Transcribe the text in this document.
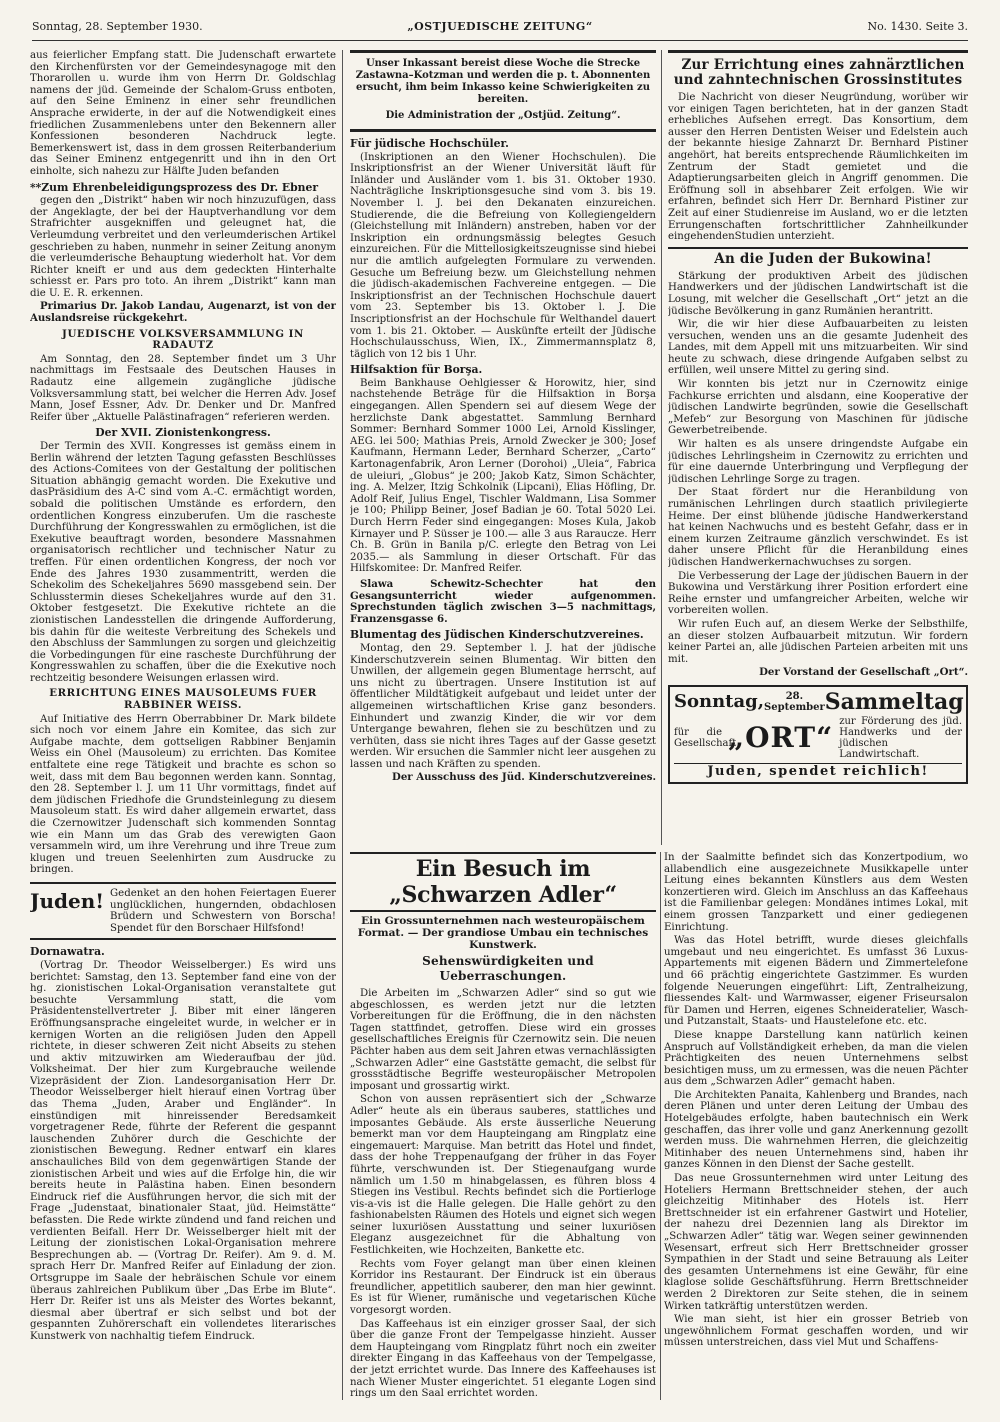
Sonntag, 28. September 1930.	„OSTJUEDISCHE ZEITUNG“	No. 1430. Seite 3.

aus feierlicher Empfang statt. Die Judenschaft erwartete den Kirchenfürsten vor der Gemeindesynagoge mit den Thorarollen u. wurde ihm von Herrn Dr. Goldschlag namens der jüd. Gemeinde der Schalom-Gruss entboten, auf den Seine Eminenz in einer sehr freundlichen Ansprache erwiderte, in der auf die Notwendigkeit eines friedlichen Zusammenlebens unter den Bekennern aller Konfessionen besonderen Nachdruck legte. Bemerkenswert ist, dass in dem grossen Reiterbanderium das Seiner Eminenz entgegenritt und ihn in den Ort einholte, sich nahezu zur Hälfte Juden befanden

**Zum Ehrenbeleidigungsprozess des Dr. Ebner

gegen den „Distrikt“ haben wir noch hinzuzufügen, dass der Angeklagte, der bei der Hauptverhandlung vor dem Strafrichter ausgekniffen und geleugnet hat, die Verleumdung verbreitet und den verleumderischen Artikel geschrieben zu haben, nunmehr in seiner Zeitung anonym die verleumderische Behauptung wiederholt hat. Vor dem Richter kneift er und aus dem gedeckten Hinterhalte schiesst er. Pars pro toto. An ihrem „Distrikt“ kann man die U. E. R. erkennen.

Primarius Dr. Jakob Landau, Augenarzt, ist von der Auslandsreise rückgekehrt.

JUEDISCHE VOLKSVERSAMMLUNG IN RADAUTZ

Am Sonntag, den 28. September findet um 3 Uhr nachmittags im Festsaale des Deutschen Hauses in Radautz eine allgemein zugängliche jüdische Volksversammlung statt, bei welcher die Herren Adv. Josef Mann, Josef Essner, Adv. Dr. Denker und Dr. Manfred Reifer über „Aktuelle Palästinafragen“ referieren werden.

Der XVII. Zionistenkongress.

Der Termin des XVII. Kongresses ist gemäss einem in Berlin während der letzten Tagung gefassten Beschlüsses des Actions-Comitees von der Gestaltung der politischen Situation abhängig gemacht worden. Die Exekutive und dasPräsidium des A-C sind vom A.-C. ermächtigt worden, sobald die politischen Umstände es erfordern, den ordentlichen Kongress einzuberufen. Um die rascheste Durchführung der Kongresswahlen zu ermöglichen, ist die Exekutive beauftragt worden, besondere Massnahmen organisatorisch rechtlicher und technischer Natur zu treffen. Für einen ordentlichen Kongress, der noch vor Ende des Jahres 1930 zusammentritt, werden die Schekolim des Schekeljahres 5690 massgebend sein. Der Schlusstermin dieses Schekeljahres wurde auf den 31. Oktober festgesetzt. Die Exekutive richtete an die zionistischen Landesstellen die dringende Aufforderung, bis dahin für die weiteste Verbreitung des Schekels und den Abschluss der Sammlungen zu sorgen und gleichzeitig die Vorbedingungen für eine rascheste Durchführung der Kongresswahlen zu schaffen, über die die Exekutive noch rechtzeitig besondere Weisungen erlassen wird.

ERRICHTUNG EINES MAUSOLEUMS FUER RABBINER WEISS.

Auf Initiative des Herrn Oberrabbiner Dr. Mark bildete sich noch vor einem Jahre ein Komitee, das sich zur Aufgabe machte, dem gottseligen Rabbiner Benjamin Weiss ein Ohel (Mausoleum) zu errichten. Das Komitee entfaltete eine rege Tätigkeit und brachte es schon so weit, dass mit dem Bau begonnen werden kann. Sonntag, den 28. September l. J. um 11 Uhr vormittags, findet auf dem jüdischen Friedhofe die Grundsteinlegung zu diesem Mausoleum statt. Es wird daher allgemein erwartet, dass die Czernowitzer Judenschaft sich kommenden Sonntag wie ein Mann um das Grab des verewigten Gaon versammeln wird, um ihre Verehrung und ihre Treue zum klugen und treuen Seelenhirten zum Ausdrucke zu bringen.

Juden! Gedenket an den hohen Feiertagen Euerer unglücklichen, hungernden, obdachlosen Brüdern und Schwestern von Borscha! Spendet für den Borschaer Hilfsfond!

Dornawatra.

(Vortrag Dr. Theodor Weisselberger.) Es wird uns berichtet: Samstag, den 13. September fand eine von der hg. zionistischen Lokal-Organisation veranstaltete gut besuchte Versammlung statt, die vom Präsidentenstellvertreter J. Biber mit einer längeren Eröffnungsansprache eingeleitet wurde, in welcher er in kernigen Worten an die religiösen Juden den Appell richtete, in dieser schweren Zeit nicht Abseits zu stehen und aktiv mitzuwirken am Wiederaufbau der jüd. Volksheimat. Der hier zum Kurgebrauche weilende Vizepräsident der Zion. Landesorganisation Herr Dr. Theodor Weisselberger hielt hierauf einen Vortrag über das Thema „Juden, Araber und Engländer“. In einstündigen mit hinreissender Beredsamkeit vorgetragener Rede, führte der Referent die gespannt lauschenden Zuhörer durch die Geschichte der zionistischen Bewegung. Redner entwarf ein klares anschauliches Bild von dem gegenwärtigen Stande der zionistischen Arbeit und wies auf die Erfolge hin, die wir bereits heute in Palästina haben. Einen besondern Eindruck rief die Ausführungen hervor, die sich mit der Frage „Judenstaat, binationaler Staat, jüd. Heimstätte“ befassten. Die Rede wirkte zündend und fand reichen und verdienten Beifall. Herr Dr. Weisselberger hielt mit der Leitung der zionistischen Lokal-Organisation mehrere Besprechungen ab. — (Vortrag Dr. Reifer). Am 9. d. M. sprach Herr Dr. Manfred Reifer auf Einladung der zion. Ortsgruppe im Saale der hebräischen Schule vor einem überaus zahlreichen Publikum über „Das Erbe im Blute“. Herr Dr. Reifer ist uns als Meister des Wortes bekannt, diesmal aber übertraf er sich selbst und bot der gespannten Zuhörerschaft ein vollendetes literarisches Kunstwerk von nachhaltig tiefem Eindruck.

Unser Inkassant bereist diese Woche die Strecke Zastawna–Kotzman und werden die p. t. Abonnenten ersucht, ihm beim Inkasso keine Schwierigkeiten zu bereiten.

Die Administration der „Ostjüd. Zeitung“.

Für jüdische Hochschüler.

(Inskriptionen an den Wiener Hochschulen). Die Inskriptionsfrist an der Wiener Universität läuft für Inländer und Ausländer vom 1. bis 31. Oktober 1930. Nachträgliche Inskriptionsgesuche sind vom 3. bis 19. November l. J. bei den Dekanaten einzureichen. Studierende, die die Befreiung von Kollegiengeldern (Gleichstellung mit Inländern) anstreben, haben vor der Inskription ein ordnungsmässig belegtes Gesuch einzureichen. Für die Mittellosigkeitszeugnisse sind hiebei nur die amtlich aufgelegten Formulare zu verwenden. Gesuche um Befreiung bezw. um Gleichstellung nehmen die jüdisch-akademischen Fachvereine entgegen. — Die Inskriptionsfrist an der Technischen Hochschule dauert vom 23. September bis 13. Oktober l. J. Die Inscriptionsfrist an der Hochschule für Welthandel dauert vom 1. bis 21. Oktober. — Auskünfte erteilt der Jüdische Hochschulausschuss, Wien, IX., Zimmermannsplatz 8, täglich von 12 bis 1 Uhr.

Hilfsaktion für Borşa.

Beim Bankhause Oehlgiesser & Horowitz, hier, sind nachstehende Beträge für die Hilfsaktion in Borşa eingegangen. Allen Spendern sei auf diesem Wege der herzlichste Dank abgestattet. Sammlung Bernhard Sommer: Bernhard Sommer 1000 Lei, Arnold Kisslinger, AEG. lei 500; Mathias Preis, Arnold Zwecker je 300; Josef Kaufmann, Hermann Leder, Bernhard Scherzer, „Carto“ Kartonagenfabrik, Aron Lerner (Dorohoi) „Uleia“, Fabrica de uleiuri, „Globus“ je 200; Jakob Katz, Simon Schächter, ing. A. Melzer, Itzig Schkolnik (Lipcani), Elias Höfling, Dr. Adolf Reif, Julius Engel, Tischler Waldmann, Lisa Sommer je 100; Philipp Beiner, Josef Badian je 60. Total 5020 Lei. Durch Herrn Feder sind eingegangen: Moses Kula, Jakob Kirnayer und P. Süsser je 100.— alle 3 aus Raraucze. Herr Ch. B. Grün in Banila p/C. erlegte den Betrag von Lei 2035.— als Sammlung in dieser Ortschaft. Für das Hilfskomitee: Dr. Manfred Reifer.

Slawa Schewitz-Schechter hat den Gesangsunterricht wieder aufgenommen. Sprechstunden täglich zwischen 3—5 nachmittags, Franzensgasse 6.

Blumentag des Jüdischen Kinderschutzvereines.

Montag, den 29. September l. J. hat der jüdische Kinderschutzverein seinen Blumentag. Wir bitten den Unwillen, der allgemein gegen Blumentage herrscht, auf uns nicht zu übertragen. Unsere Institution ist auf öffentlicher Mildtätigkeit aufgebaut und leidet unter der allgemeinen wirtschaftlichen Krise ganz besonders. Einhundert und zwanzig Kinder, die wir vor dem Untergange bewahren, flehen sie zu beschützen und zu verhüten, dass sie nicht ihres Tages auf der Gasse gesetzt werden. Wir ersuchen die Sammler nicht leer ausgehen zu lassen und nach Kräften zu spenden.

Der Ausschuss des Jüd. Kinderschutzvereines.

Zur Errichtung eines zahnärztlichen und zahntechnischen Grossinstitutes

Die Nachricht von dieser Neugründung, worüber wir vor einigen Tagen berichteten, hat in der ganzen Stadt erhebliches Aufsehen erregt. Das Konsortium, dem ausser den Herren Dentisten Weiser und Edelstein auch der bekannte hiesige Zahnarzt Dr. Bernhard Pistiner angehört, hat bereits entsprechende Räumlichkeiten im Zentrum der Stadt gemietet und die Adaptierungsarbeiten gleich in Angriff genommen. Die Eröffnung soll in absehbarer Zeit erfolgen. Wie wir erfahren, befindet sich Herr Dr. Bernhard Pistiner zur Zeit auf einer Studienreise im Ausland, wo er die letzten Errungenschaften fortschrittlicher Zahnheilkunder eingehendenStudien unterzieht.

An die Juden der Bukowina!

Stärkung der produktiven Arbeit des jüdischen Handwerkers und der jüdischen Landwirtschaft ist die Losung, mit welcher die Gesellschaft „Ort“ jetzt an die jüdische Bevölkerung in ganz Rumänien herantritt.

Wir, die wir hier diese Aufbauarbeiten zu leisten versuchen, wenden uns an die gesamte Judenheit des Landes, mit dem Appell mit uns mitzuarbeiten. Wir sind heute zu schwach, diese dringende Aufgaben selbst zu erfüllen, weil unsere Mittel zu gering sind.

Wir konnten bis jetzt nur in Czernowitz einige Fachkurse errichten und alsdann, eine Kooperative der jüdischen Landwirte begründen, sowie die Gesellschaft „Mefeb“ zur Besorgung von Maschinen für jüdische Gewerbetreibende.

Wir halten es als unsere dringendste Aufgabe ein jüdisches Lehrlingsheim in Czernowitz zu errichten und für eine dauernde Unterbringung und Verpflegung der jüdischen Lehrlinge Sorge zu tragen.

Der Staat fördert nur die Heranbildung von rumänischen Lehrlingen durch staatlich privilegierte Heime. Der einst blühende jüdische Handwerkerstand hat keinen Nachwuchs und es besteht Gefahr, dass er in einem kurzen Zeitraume gänzlich verschwindet. Es ist daher unsere Pflicht für die Heranbildung eines jüdischen Handwerkernachwuchses zu sorgen.

Die Verbesserung der Lage der jüdischen Bauern in der Bukowina und Verstärkung ihrer Position erfordert eine Reihe ernster und umfangreicher Arbeiten, welche wir vorbereiten wollen.

Wir rufen Euch auf, an diesem Werke der Selbsthilfe, an dieser stolzen Aufbauarbeit mitzutun. Wir fordern keiner Partei an, alle jüdischen Parteien arbeiten mit uns mit.

Der Vorstand der Gesellschaft „Ort“.

Sonntag,	28. September Sammeltag
für die Gesellschaft
„ORT“ zur Förderung des jüd. Handwerks und der jüdischen Landwirtschaft.
Juden, spendet reichlich!
Ein Besuch im „Schwarzen Adler“

Ein Grossunternehmen nach westeuropäischem Format. — Der grandiose Umbau ein technisches Kunstwerk.

Sehenswürdigkeiten und Ueberraschungen.

Die Arbeiten im „Schwarzen Adler“ sind so gut wie abgeschlossen, es werden jetzt nur die letzten Vorbereitungen für die Eröffnung, die in den nächsten Tagen stattfindet, getroffen. Diese wird ein grosses gesellschaftliches Ereignis für Czernowitz sein. Die neuen Pächter haben aus dem seit Jahren etwas vernachlässigten „Schwarzen Adler“ eine Gaststätte gemacht, die selbst für grossstädtische Begriffe westeuropäischer Metropolen imposant und grossartig wirkt.

Schon von aussen repräsentiert sich der „Schwarze Adler“ heute als ein überaus sauberes, stattliches und imposantes Gebäude. Als erste äusserliche Neuerung bemerkt man vor dem Haupteingang am Ringplatz eine eingemauert: Marquise. Man betritt das Hotel und findet, dass der hohe Treppenaufgang der früher in das Foyer führte, verschwunden ist. Der Stiegenaufgang wurde nämlich um 1.50 m hinabgelassen, es führen bloss 4 Stiegen ins Vestibul. Rechts befindet sich die Portierloge vis-a-vis ist die Halle gelegen. Die Halle gehört zu den fashionabelsten Räumen des Hotels und eignet sich wegen seiner luxuriösen Ausstattung und seiner luxuriösen Eleganz ausgezeichnet für die Abhaltung von Festlichkeiten, wie Hochzeiten, Bankette etc.

Rechts vom Foyer gelangt man über einen kleinen Korridor ins Restaurant. Der Eindruck ist ein überaus freundlicher, appetitlich sauberer, den man hier gewinnt. Es ist für Wiener, rumänische und vegetarischen Küche vorgesorgt worden.

Das Kaffeehaus ist ein einziger grosser Saal, der sich über die ganze Front der Tempelgasse hinzieht. Ausser dem Haupteingang vom Ringplatz führt noch ein zweiter direkter Eingang in das Kaffeehaus von der Tempelgasse, der jetzt errichtet wurde. Das Innere des Kaffeehauses ist nach Wiener Muster eingerichtet. 51 elegante Logen sind rings um den Saal errichtet worden.

In der Saalmitte befindet sich das Konzertpodium, wo allabendlich eine ausgezeichnete Musikkapelle unter Leitung eines bekannten Künstlers aus dem Westen konzertieren wird. Gleich im Anschluss an das Kaffeehaus ist die Familienbar gelegen: Mondänes intimes Lokal, mit einem grossen Tanzparkett und einer gediegenen Einrichtung.

Was das Hotel betrifft, wurde dieses gleichfalls umgebaut und neu eingerichtet. Es umfasst 36 Luxus-Appartements mit eigenen Bädern und Zimmertelefone und 66 prächtig eingerichtete Gastzimmer. Es wurden folgende Neuerungen eingeführt: Lift, Zentralheizung, fliessendes Kalt- und Warmwasser, eigener Friseursalon für Damen und Herren, eigenes Schneideratelier, Wasch- und Putzanstalt, Staats- und Haustelefone etc. etc.

Diese knappe Darstellung kann natürlich keinen Anspruch auf Vollständigkeit erheben, da man die vielen Prächtigkeiten des neuen Unternehmens selbst besichtigen muss, um zu ermessen, was die neuen Pächter aus dem „Schwarzen Adler“ gemacht haben.

Die Architekten Panaita, Kahlenberg und Brandes, nach deren Plänen und unter deren Leitung der Umbau des Hotelgebäudes erfolgte, haben bautechnisch ein Werk geschaffen, das ihrer volle und ganz Anerkennung gezollt werden muss. Die wahrnehmen Herren, die gleichzeitig Mitinhaber des neuen Unternehmens sind, haben ihr ganzes Können in den Dienst der Sache gestellt.

Das neue Grossunternehmen wird unter Leitung des Hoteliers Hermann Brettschneider stehen, der auch gleichzeitig Mitinhaber des Hotels ist. Herr Brettschneider ist ein erfahrener Gastwirt und Hotelier, der nahezu drei Dezennien lang als Direktor im „Schwarzen Adler“ tätig war. Wegen seiner gewinnenden Wesensart, erfreut sich Herr Brettschneider grosser Sympathien in der Stadt und seine Betrauung als Leiter des gesamten Unternehmens ist eine Gewähr, für eine klaglose solide Geschäftsführung. Herrn Brettschneider werden 2 Direktoren zur Seite stehen, die in seinem Wirken tatkräftig unterstützen werden.

Wie man sieht, ist hier ein grosser Betrieb von ungewöhnlichem Format geschaffen worden, und wir müssen unterstreichen, dass viel Mut und Schaffens-
